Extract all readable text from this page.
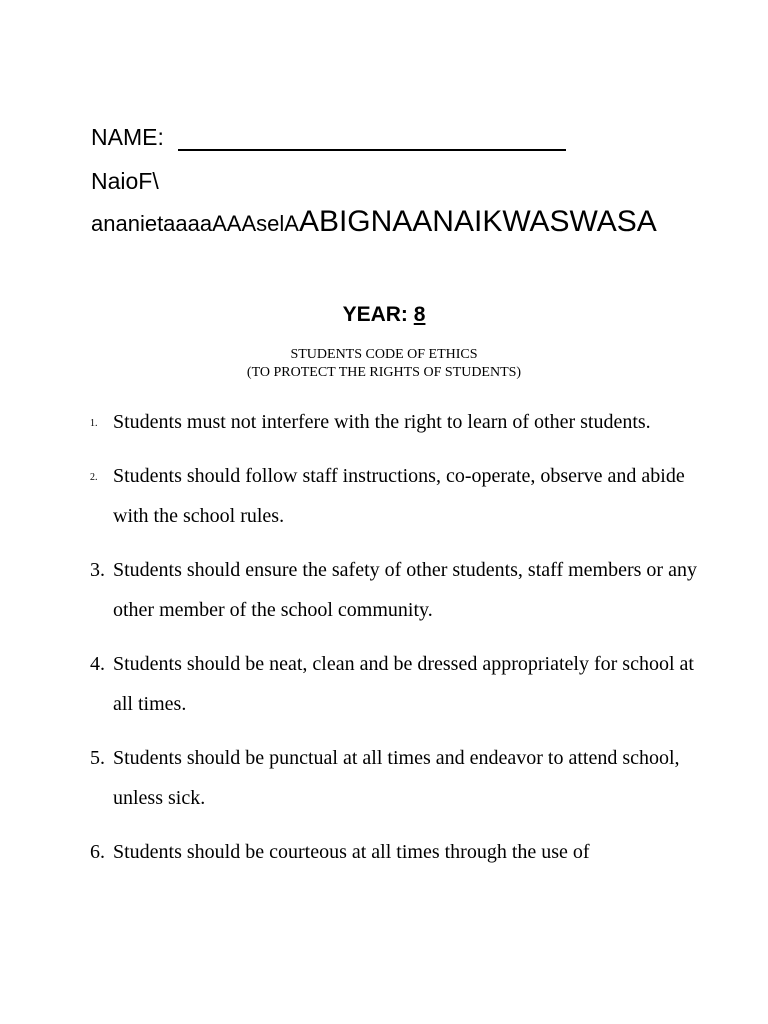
NAME:
NaioF\
ananietaaaaAAAselAABIGNAANAIKWASWASA
YEAR: 8
STUDENTS CODE OF ETHICS
(TO PROTECT THE RIGHTS OF STUDENTS)
1. Students must not interfere with the right to learn of other students.
2. Students should follow staff instructions, co-operate, observe and abide with the school rules.
3. Students should ensure the safety of other students, staff members or any other member of the school community.
4. Students should be neat, clean and be dressed appropriately for school at all times.
5. Students should be punctual at all times and endeavor to attend school, unless sick.
6. Students should be courteous at all times through the use of
